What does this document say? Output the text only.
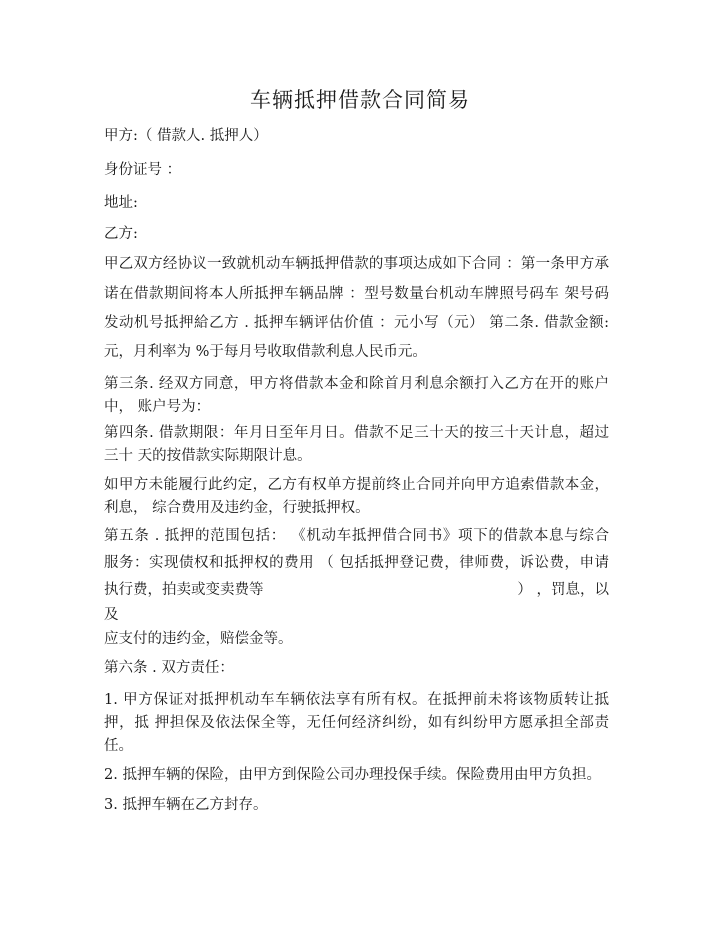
车辆抵押借款合同简易
甲方:（ 借款人. 抵押人）
身份证号 ：
地址:
乙方:
甲乙双方经协议一致就机动车辆抵押借款的事项达成如下合同 ：第一条甲方承
诺在借款期间将本人所抵押车辆品牌 ：型号数量台机动车牌照号码车 架号码
发动机号抵押給乙方 . 抵押车辆评估价值 ：元小写（元） 第二条. 借款金额:
元，月利率为 %于每月号收取借款利息人民币元。
第三条. 经双方同意，甲方将借款本金和除首月利息余额打入乙方在开的账户
中， 账户号为：
第四条. 借款期限：年月日至年月日。借款不足三十天的按三十天计息，超过
三十 天的按借款实际期限计息。
如甲方未能履行此约定，乙方有权单方提前终止合同并向甲方追索借款本金，
利息， 综合费用及违约金，行驶抵押权。
第五条 . 抵押的范围包括： 《机动车抵押借合同书》项下的借款本息与综合
服务：实现债权和抵押权的费用 （ 包括抵押登记费，律师费，诉讼费，申请
执行费，拍卖或变卖费等	） ，罚息，以
及
应支付的违约金，赔偿金等。
第六条 . 双方责任：
1. 甲方保证对抵押机动车车辆依法享有所有权。在抵押前未将该物质转让抵
押，抵 押担保及依法保全等，无任何经济纠纷，如有纠纷甲方愿承担全部责
任。
2. 抵押车辆的保险，由甲方到保险公司办理投保手续。保险费用由甲方负担。
3. 抵押车辆在乙方封存。
